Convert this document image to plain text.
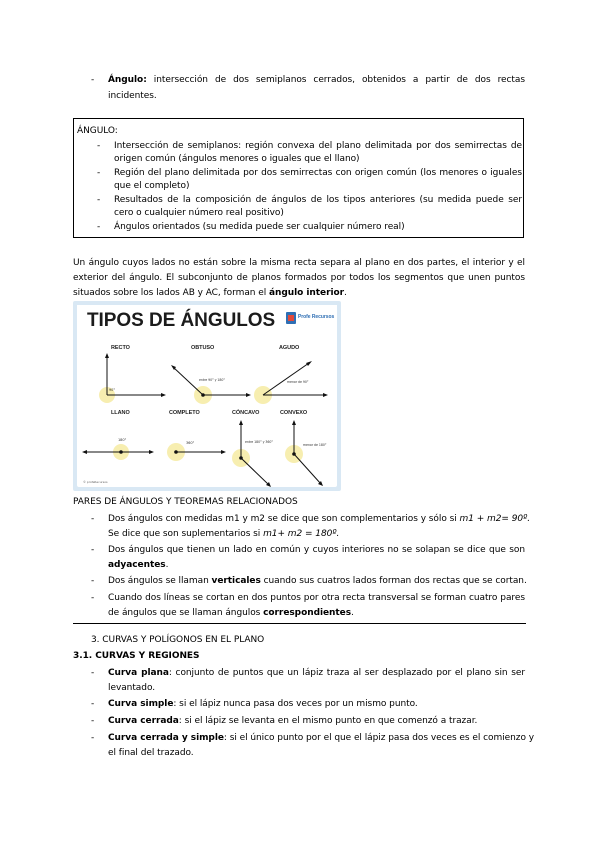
- Ángulo: intersección de dos semiplanos cerrados, obtenidos a partir de dos rectas
incidentes.
ÁNGULO:
- Intersección de semiplanos: región convexa del plano delimitada por dos semirrectas de
origen común (ángulos menores o iguales que el llano)
- Región del plano delimitada por dos semirrectas con origen común (los menores o iguales
que el completo)
- Resultados de la composición de ángulos de los tipos anteriores (su medida puede ser
cero o cualquier número real positivo)
- Ángulos orientados (su medida puede ser cualquier número real)
Un ángulo cuyos lados no están sobre la misma recta separa al plano en dos partes, el interior y el
exterior del ángulo. El subconjunto de planos formados por todos los segmentos que unen puntos
situados sobre los lados AB y AC, forman el ángulo interior.
TIPOS DE ÁNGULOS	Profe Recursos
RECTO	OBTUSO	AGUDO
90°
entre 90° y 180°	menor de 90°
LLANO	COMPLETO	CÓNCAVO	CONVEXO
180°
360°	entre 180° y 360°
menor de 180°
© profeRecursos
PARES DE ÁNGULOS Y TEOREMAS RELACIONADOS
- Dos ángulos con medidas m1 y m2 se dice que son complementarios y sólo si m1 + m2= 90º.
Se dice que son suplementarios si m1+ m2 = 180º.
- Dos ángulos que tienen un lado en común y cuyos interiores no se solapan se dice que son
adyacentes.
- Dos ángulos se llaman verticales cuando sus cuatros lados forman dos rectas que se cortan.
- Cuando dos líneas se cortan en dos puntos por otra recta transversal se forman cuatro pares
de ángulos que se llaman ángulos correspondientes.
3. CURVAS Y POLÍGONOS EN EL PLANO
3.1. CURVAS Y REGIONES
- Curva plana: conjunto de puntos que un lápiz traza al ser desplazado por el plano sin ser
levantado.
- Curva simple: si el lápiz nunca pasa dos veces por un mismo punto.
- Curva cerrada: si el lápiz se levanta en el mismo punto en que comenzó a trazar.
- Curva cerrada y simple: si el único punto por el que el lápiz pasa dos veces es el comienzo y
el final del trazado.
